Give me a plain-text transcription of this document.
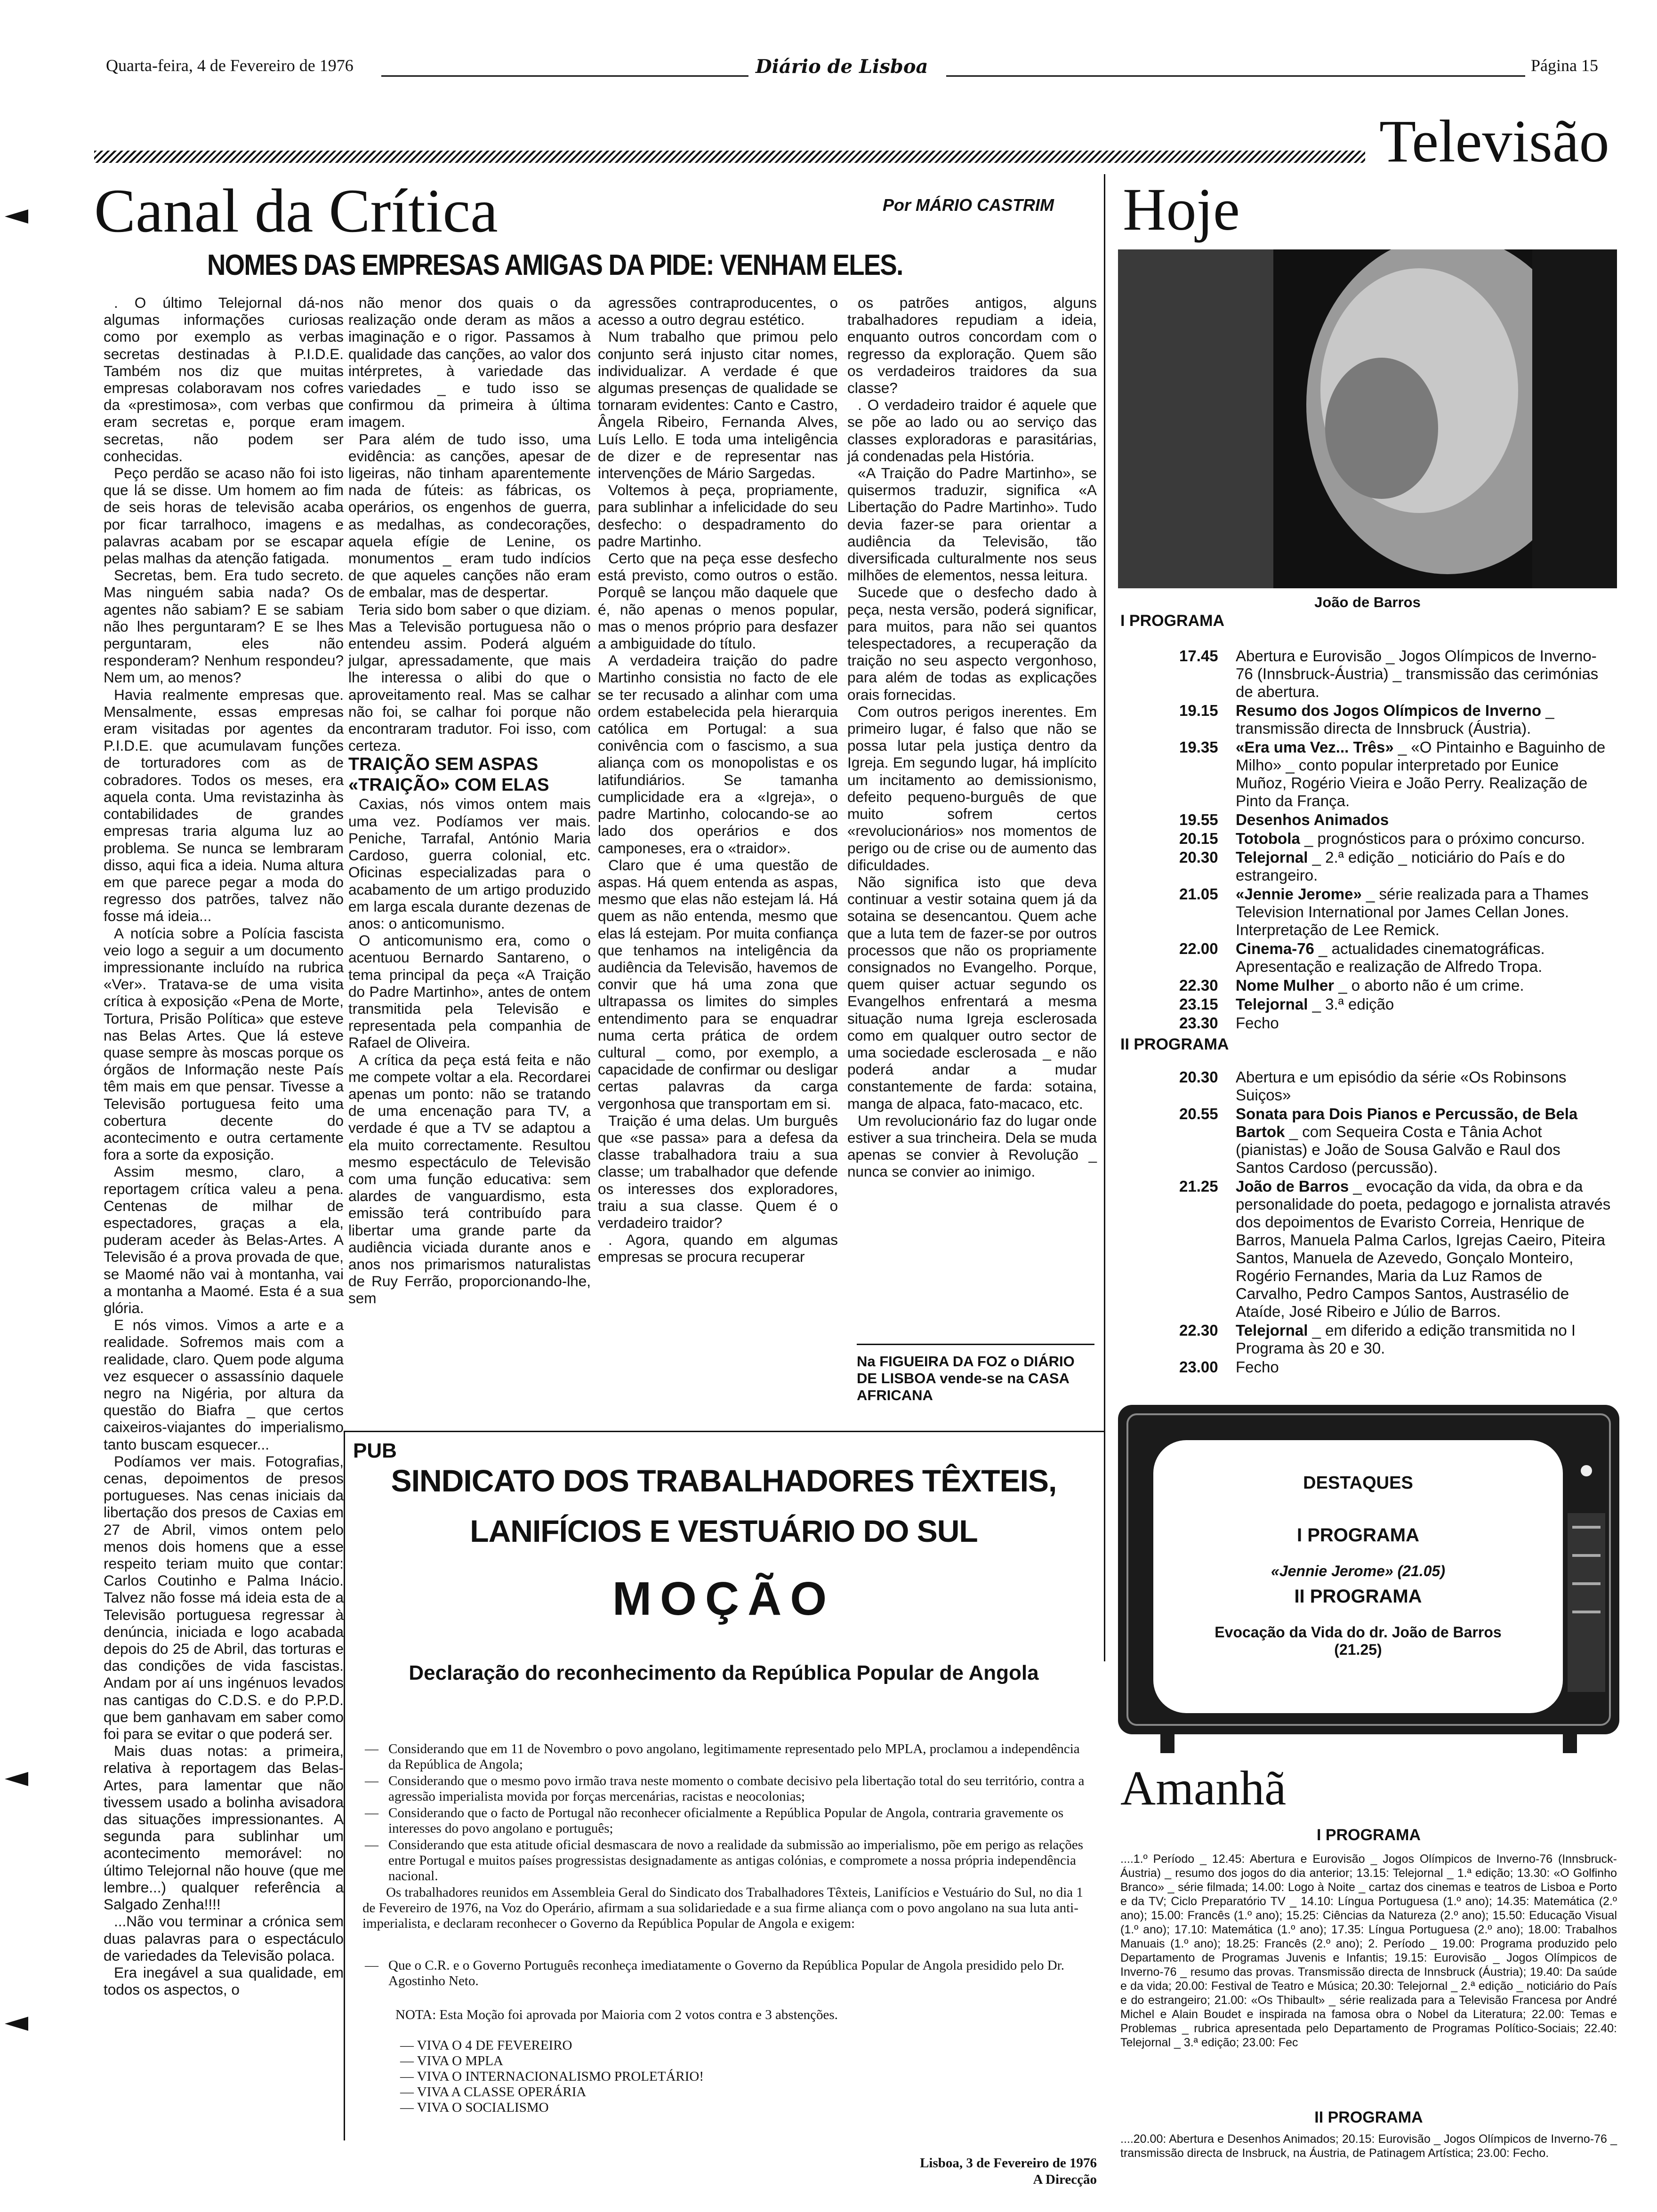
Quarta-feira, 4 de Fevereiro de 1976	Diário de Lisboa	Página 15
Televisão
Canal da Crítica	Por MÁRIO CASTRIM
NOMES DAS EMPRESAS AMIGAS DA PIDE: VENHAM ELES.

. O último Telejornal dá-nos algumas informações curiosas como por exemplo as verbas secretas destinadas à P.I.D.E. Também nos diz que muitas empresas colaboravam nos cofres da «prestimosa», com verbas que eram secretas e, porque eram secretas, não podem ser conhecidas.

Peço perdão se acaso não foi isto que lá se disse. Um homem ao fim de seis horas de televisão acaba por ficar tarralhoco, imagens e palavras acabam por se escapar pelas malhas da atenção fatigada.

Secretas, bem. Era tudo secreto. Mas ninguém sabia nada? Os agentes não sabiam? E se sabiam não lhes perguntaram? E se lhes perguntaram, eles não responderam? Nenhum respondeu? Nem um, ao menos?

Havia realmente empresas que. Mensalmente, essas empresas eram visitadas por agentes da P.I.D.E. que acumulavam funções de torturadores com as de cobradores. Todos os meses, era aquela conta. Uma revistazinha às contabilidades de grandes empresas traria alguma luz ao problema. Se nunca se lembraram disso, aqui fica a ideia. Numa altura em que parece pegar a moda do regresso dos patrões, talvez não fosse má ideia...

A notícia sobre a Polícia fascista veio logo a seguir a um documento impressionante incluído na rubrica «Ver». Tratava-se de uma visita crítica à exposição «Pena de Morte, Tortura, Prisão Política» que esteve nas Belas Artes. Que lá esteve quase sempre às moscas porque os órgãos de Informação neste País têm mais em que pensar. Tivesse a Televisão portuguesa feito uma cobertura decente do acontecimento e outra certamente fora a sorte da exposição.

Assim mesmo, claro, a reportagem crítica valeu a pena. Centenas de milhar de espectadores, graças a ela, puderam aceder às Belas-Artes. A Televisão é a prova provada de que, se Maomé não vai à montanha, vai a montanha a Maomé. Esta é a sua glória.

E nós vimos. Vimos a arte e a realidade. Sofremos mais com a realidade, claro. Quem pode alguma vez esquecer o assassínio daquele negro na Nigéria, por altura da questão do Biafra _ que certos caixeiros-viajantes do imperialismo tanto buscam esquecer...

Podíamos ver mais. Fotografias, cenas, depoimentos de presos portugueses. Nas cenas iniciais da libertação dos presos de Caxias em 27 de Abril, vimos ontem pelo menos dois homens que a esse respeito teriam muito que contar: Carlos Coutinho e Palma Inácio. Talvez não fosse má ideia esta de a Televisão portuguesa regressar à denúncia, iniciada e logo acabada depois do 25 de Abril, das torturas e das condições de vida fascistas. Andam por aí uns ingénuos levados nas cantigas do C.D.S. e do P.P.D. que bem ganhavam em saber como foi para se evitar o que poderá ser.

Mais duas notas: a primeira, relativa à reportagem das Belas-Artes, para lamentar que não tivessem usado a bolinha avisadora das situações impressionantes. A segunda para sublinhar um acontecimento memorável: no último Telejornal não houve (que me lembre...) qualquer referência a Salgado Zenha!!!!

...Não vou terminar a crónica sem duas palavras para o espectáculo de variedades da Televisão polaca.

Era inegável a sua qualidade, em todos os aspectos, o

não menor dos quais o da realização onde deram as mãos a imaginação e o rigor. Passamos à qualidade das canções, ao valor dos intérpretes, à variedade das variedades _ e tudo isso se confirmou da primeira à última imagem.

Para além de tudo isso, uma evidência: as canções, apesar de ligeiras, não tinham aparentemente nada de fúteis: as fábricas, os operários, os engenhos de guerra, as medalhas, as condecorações, aquela efígie de Lenine, os monumentos _ eram tudo indícios de que aqueles canções não eram de embalar, mas de despertar.

Teria sido bom saber o que diziam. Mas a Televisão portuguesa não o entendeu assim. Poderá alguém julgar, apressadamente, que mais lhe interessa o alibi do que o aproveitamento real. Mas se calhar não foi, se calhar foi porque não encontraram tradutor. Foi isso, com certeza.

TRAIÇÃO SEM ASPAS «TRAIÇÃO» COM ELAS

Caxias, nós vimos ontem mais uma vez. Podíamos ver mais. Peniche, Tarrafal, António Maria Cardoso, guerra colonial, etc. Oficinas especializadas para o acabamento de um artigo produzido em larga escala durante dezenas de anos: o anticomunismo.

O anticomunismo era, como o acentuou Bernardo Santareno, o tema principal da peça «A Traição do Padre Martinho», antes de ontem transmitida pela Televisão e representada pela companhia de Rafael de Oliveira.

A crítica da peça está feita e não me compete voltar a ela. Recordarei apenas um ponto: não se tratando de uma encenação para TV, a verdade é que a TV se adaptou a ela muito correctamente. Resultou mesmo espectáculo de Televisão com uma função educativa: sem alardes de vanguardismo, esta emissão terá contribuído para libertar uma grande parte da audiência viciada durante anos e anos nos primarismos naturalistas de Ruy Ferrão, proporcionando-lhe, sem

agressões contraproducentes, o acesso a outro degrau estético.

Num trabalho que primou pelo conjunto será injusto citar nomes, individualizar. A verdade é que algumas presenças de qualidade se tornaram evidentes: Canto e Castro, Ângela Ribeiro, Fernanda Alves, Luís Lello. E toda uma inteligência de dizer e de representar nas intervenções de Mário Sargedas.

Voltemos à peça, propriamente, para sublinhar a infelicidade do seu desfecho: o despadramento do padre Martinho.

Certo que na peça esse desfecho está previsto, como outros o estão. Porquê se lançou mão daquele que é, não apenas o menos popular, mas o menos próprio para desfazer a ambiguidade do título.

A verdadeira traição do padre Martinho consistia no facto de ele se ter recusado a alinhar com uma ordem estabelecida pela hierarquia católica em Portugal: a sua conivência com o fascismo, a sua aliança com os monopolistas e os latifundiários. Se tamanha cumplicidade era a «Igreja», o padre Martinho, colocando-se ao lado dos operários e dos camponeses, era o «traidor».

Claro que é uma questão de aspas. Há quem entenda as aspas, mesmo que elas não estejam lá. Há quem as não entenda, mesmo que elas lá estejam. Por muita confiança que tenhamos na inteligência da audiência da Televisão, havemos de convir que há uma zona que ultrapassa os limites do simples entendimento para se enquadrar numa certa prática de ordem cultural _ como, por exemplo, a capacidade de confirmar ou desligar certas palavras da carga vergonhosa que transportam em si.

Traição é uma delas. Um burguês que «se passa» para a defesa da classe trabalhadora traiu a sua classe; um trabalhador que defende os interesses dos exploradores, traiu a sua classe. Quem é o verdadeiro traidor?

. Agora, quando em algumas empresas se procura recuperar

os patrões antigos, alguns trabalhadores repudiam a ideia, enquanto outros concordam com o regresso da exploração. Quem são os verdadeiros traidores da sua classe?

. O verdadeiro traidor é aquele que se põe ao lado ou ao serviço das classes exploradoras e parasitárias, já condenadas pela História.

«A Traição do Padre Martinho», se quisermos traduzir, significa «A Libertação do Padre Martinho». Tudo devia fazer-se para orientar a audiência da Televisão, tão diversificada culturalmente nos seus milhões de elementos, nessa leitura.

Sucede que o desfecho dado à peça, nesta versão, poderá significar, para muitos, para não sei quantos telespectadores, a recuperação da traição no seu aspecto vergonhoso, para além de todas as explicações orais fornecidas.

Com outros perigos inerentes. Em primeiro lugar, é falso que não se possa lutar pela justiça dentro da Igreja. Em segundo lugar, há implícito um incitamento ao demissionismo, defeito pequeno-burguês de que muito sofrem certos «revolucionários» nos momentos de perigo ou de crise ou de aumento das dificuldades.

Não significa isto que deva continuar a vestir sotaina quem já da sotaina se desencantou. Quem ache que a luta tem de fazer-se por outros processos que não os propriamente consignados no Evangelho. Porque, quem quiser actuar segundo os Evangelhos enfrentará a mesma situação numa Igreja esclerosada como em qualquer outro sector de uma sociedade esclerosada _ e não poderá andar a mudar constantemente de farda: sotaina, manga de alpaca, fato-macaco, etc.

Um revolucionário faz do lugar onde estiver a sua trincheira. Dela se muda apenas se convier à Revolução _ nunca se convier ao inimigo.

Na FIGUEIRA DA FOZ o DIÁRIO DE LISBOA vende-se na CASA AFRICANA
PUB
SINDICATO DOS TRABALHADORES TÊXTEIS,
LANIFÍCIOS E VESTUÁRIO DO SUL
MOÇÃO
Declaração do reconhecimento da República Popular de Angola
— Considerando que em 11 de Novembro o povo angolano, legitimamente representado pelo MPLA, proclamou a independência da República de Angola;
— Considerando que o mesmo povo irmão trava neste momento o combate decisivo pela libertação total do seu território, contra a agressão imperialista movida por forças mercenárias, racistas e neocolonias;
— Considerando que o facto de Portugal não reconhecer oficialmente a República Popular de Angola, contraria gravemente os interesses do povo angolano e português;
— Considerando que esta atitude oficial desmascara de novo a realidade da submissão ao imperialismo, põe em perigo as relações entre Portugal e muitos países progressistas designadamente as antigas colónias, e compromete a nossa própria independência nacional.
Os trabalhadores reunidos em Assembleia Geral do Sindicato dos Trabalhadores Têxteis, Lanifícios e Vestuário do Sul, no dia 1 de Fevereiro de 1976, na Voz do Operário, afirmam a sua solidariedade e a sua firme aliança com o povo angolano na sua luta anti-imperialista, e declaram reconhecer o Governo da República Popular de Angola e exigem:
— Que o C.R. e o Governo Português reconheça imediatamente o Governo da República Popular de Angola presidido pelo Dr. Agostinho Neto.
NOTA: Esta Moção foi aprovada por Maioria com 2 votos contra e 3 abstenções.
— VIVA O 4 DE FEVEREIRO
— VIVA O MPLA
— VIVA O INTERNACIONALISMO PROLETÁRIO!
— VIVA A CLASSE OPERÁRIA
— VIVA O SOCIALISMO
Lisboa, 3 de Fevereiro de 1976
A Direcção
Hoje
João de Barros
I PROGRAMA
17.45	Abertura e Eurovisão _ Jogos Olímpicos de Inverno-76 (Innsbruck-Áustria) _ transmissão das cerimónias de abertura.
19.15	Resumo dos Jogos Olímpicos de Inverno _ transmissão directa de Innsbruck (Áustria).
19.35	«Era uma Vez... Três» _ «O Pintainho e Baguinho de Milho» _ conto popular interpretado por Eunice Muñoz, Rogério Vieira e João Perry. Realização de Pinto da França.
19.55	Desenhos Animados
20.15	Totobola _ prognósticos para o próximo concurso.
20.30	Telejornal _ 2.ª edição _ noticiário do País e do estrangeiro.
21.05	«Jennie Jerome» _ série realizada para a Thames Television International por James Cellan Jones. Interpretação de Lee Remick.
22.00	Cinema-76 _ actualidades cinematográficas. Apresentação e realização de Alfredo Tropa.
22.30	Nome Mulher _ o aborto não é um crime.
23.15	Telejornal _ 3.ª edição
23.30	Fecho
II PROGRAMA
20.30	Abertura e um episódio da série «Os Robinsons Suiços»
20.55	Sonata para Dois Pianos e Percussão, de Bela Bartok _ com Sequeira Costa e Tânia Achot (pianistas) e João de Sousa Galvão e Raul dos Santos Cardoso (percussão).
21.25	João de Barros _ evocação da vida, da obra e da personalidade do poeta, pedagogo e jornalista através dos depoimentos de Evaristo Correia, Henrique de Barros, Manuela Palma Carlos, Igrejas Caeiro, Piteira Santos, Manuela de Azevedo, Gonçalo Monteiro, Rogério Fernandes, Maria da Luz Ramos de Carvalho, Pedro Campos Santos, Austrasélio de Ataíde, José Ribeiro e Júlio de Barros.
22.30	Telejornal _ em diferido a edição transmitida no I Programa às 20 e 30.
23.00	Fecho
DESTAQUES
I PROGRAMA
«Jennie Jerome» (21.05)
II PROGRAMA
Evocação da Vida do dr. João de Barros (21.25)
Amanhã
I PROGRAMA
....1.º Período _ 12.45: Abertura e Eurovisão _ Jogos Olímpicos de Inverno-76 (Innsbruck-Áustria) _ resumo dos jogos do dia anterior; 13.15: Telejornal _ 1.ª edição; 13.30: «O Golfinho Branco» _ série filmada; 14.00: Logo à Noite _ cartaz dos cinemas e teatros de Lisboa e Porto e da TV; Ciclo Preparatório TV _ 14.10: Língua Portuguesa (1.º ano); 14.35: Matemática (2.º ano); 15.00: Francês (1.º ano); 15.25: Ciências da Natureza (2.º ano); 15.50: Educação Visual (1.º ano); 17.10: Matemática (1.º ano); 17.35: Língua Portuguesa (2.º ano); 18.00: Trabalhos Manuais (1.º ano); 18.25: Francês (2.º ano); 2. Período _ 19.00: Programa produzido pelo Departamento de Programas Juvenis e Infantis; 19.15: Eurovisão _ Jogos Olímpicos de Inverno-76 _ resumo das provas. Transmissão directa de Innsbruck (Áustria); 19.40: Da saúde e da vida; 20.00: Festival de Teatro e Música; 20.30: Telejornal _ 2.ª edição _ noticiário do País e do estrangeiro; 21.00: «Os Thibault» _ série realizada para a Televisão Francesa por André Michel e Alain Boudet e inspirada na famosa obra o Nobel da Literatura; 22.00: Temas e Problemas _ rubrica apresentada pelo Departamento de Programas Político-Sociais; 22.40: Telejornal _ 3.ª edição; 23.00: Fec
II PROGRAMA
....20.00: Abertura e Desenhos Animados; 20.15: Eurovisão _ Jogos Olímpicos de Inverno-76 _ transmissão directa de Insbruck, na Áustria, de Patinagem Artística; 23.00: Fecho.
